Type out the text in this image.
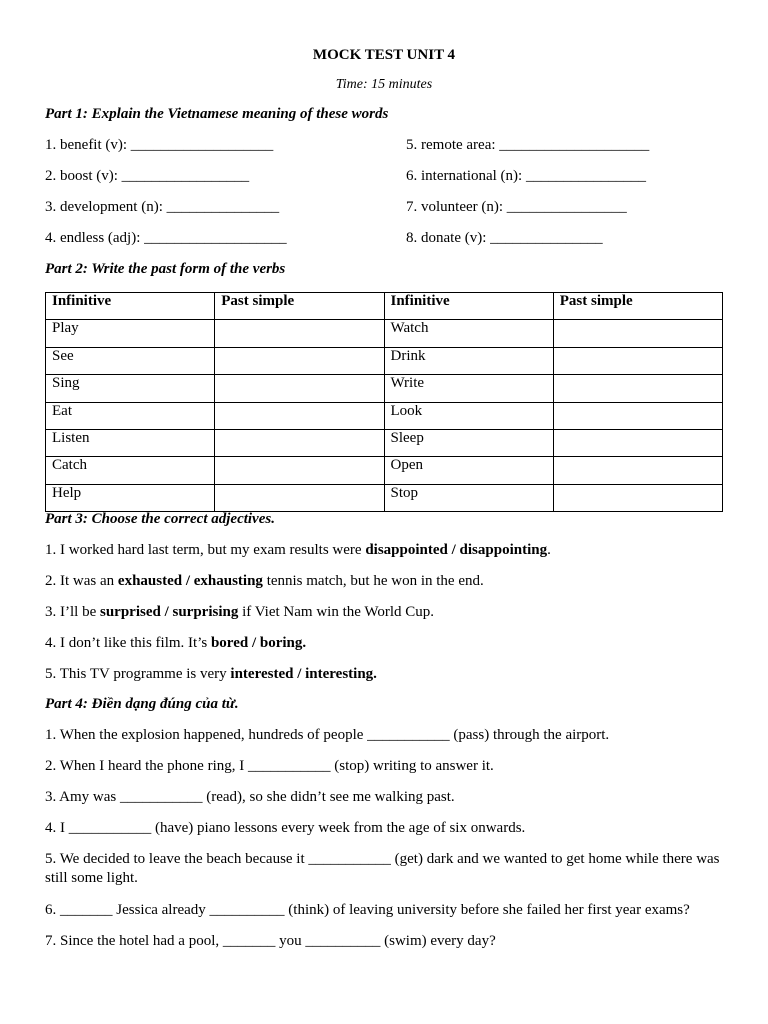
MOCK TEST UNIT 4
Time: 15 minutes
Part 1: Explain the Vietnamese meaning of these words
1. benefit (v): ___________________
2. boost (v): _________________
3. development (n): _______________
4. endless (adj): ___________________
5. remote area: ____________________
6. international (n): ________________
7. volunteer (n): ________________
8. donate (v): _______________
Part 2: Write the past form of the verbs
Infinitive	Past simple	Infinitive	Past simple
Play		Watch	
See		Drink	
Sing		Write	
Eat		Look	
Listen		Sleep	
Catch		Open	
Help		Stop	
Part 3: Choose the correct adjectives.
1. I worked hard last term, but my exam results were disappointed / disappointing.
2. It was an exhausted / exhausting tennis match, but he won in the end.
3. I’ll be surprised / surprising if Viet Nam win the World Cup.
4. I don’t like this film. It’s bored / boring.
5. This TV programme is very interested / interesting.
Part 4: Điền dạng đúng của từ.
1. When the explosion happened, hundreds of people ___________ (pass) through the airport.
2. When I heard the phone ring, I ___________ (stop) writing to answer it.
3. Amy was ___________ (read), so she didn’t see me walking past.
4. I ___________ (have) piano lessons every week from the age of six onwards.
5. We decided to leave the beach because it ___________ (get) dark and we wanted to get home while there was still some light.
6. _______ Jessica already __________ (think) of leaving university before she failed her first year exams?
7. Since the hotel had a pool, _______ you __________ (swim) every day?
